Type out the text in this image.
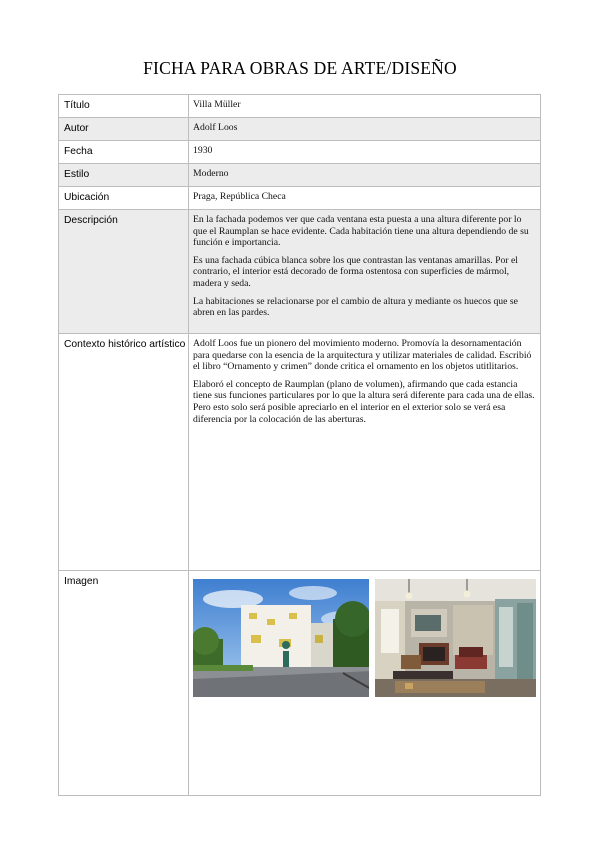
FICHA PARA OBRAS DE ARTE/DISEÑO
Título	Villa Müller
Autor	Adolf Loos
Fecha	1930
Estilo	Moderno
Ubicación	Praga, República Checa
Descripción	En la fachada podemos ver que cada ventana esta puesta a una altura diferente por lo que el Raumplan se hace evidente. Cada habitación tiene una altura dependiendo de su función e importancia.

Es una fachada cúbica blanca sobre los que contrastan las ventanas amarillas. Por el contrario, el interior está decorado de forma ostentosa con superficies de mármol, madera y seda.

La habitaciones se relacionarse por el cambio de altura y mediante os huecos que se abren en las pardes.

Contexto histórico artístico	Adolf Loos fue un pionero del movimiento moderno. Promovía la desornamentación para quedarse con la esencia de la arquitectura y utilizar materiales de calidad. Escribió el libro “Ornamento y crimen” donde critica el ornamento en los objetos utitlitarios.

Elaboró el concepto de Raumplan (plano de volumen), afirmando que cada estancia tiene sus funciones particulares por lo que la altura será diferente para cada una de ellas. Pero esto solo será posible apreciarlo en el interior en el exterior solo se verá esa diferencia por la colocación de las aberturas.

Imagen	
